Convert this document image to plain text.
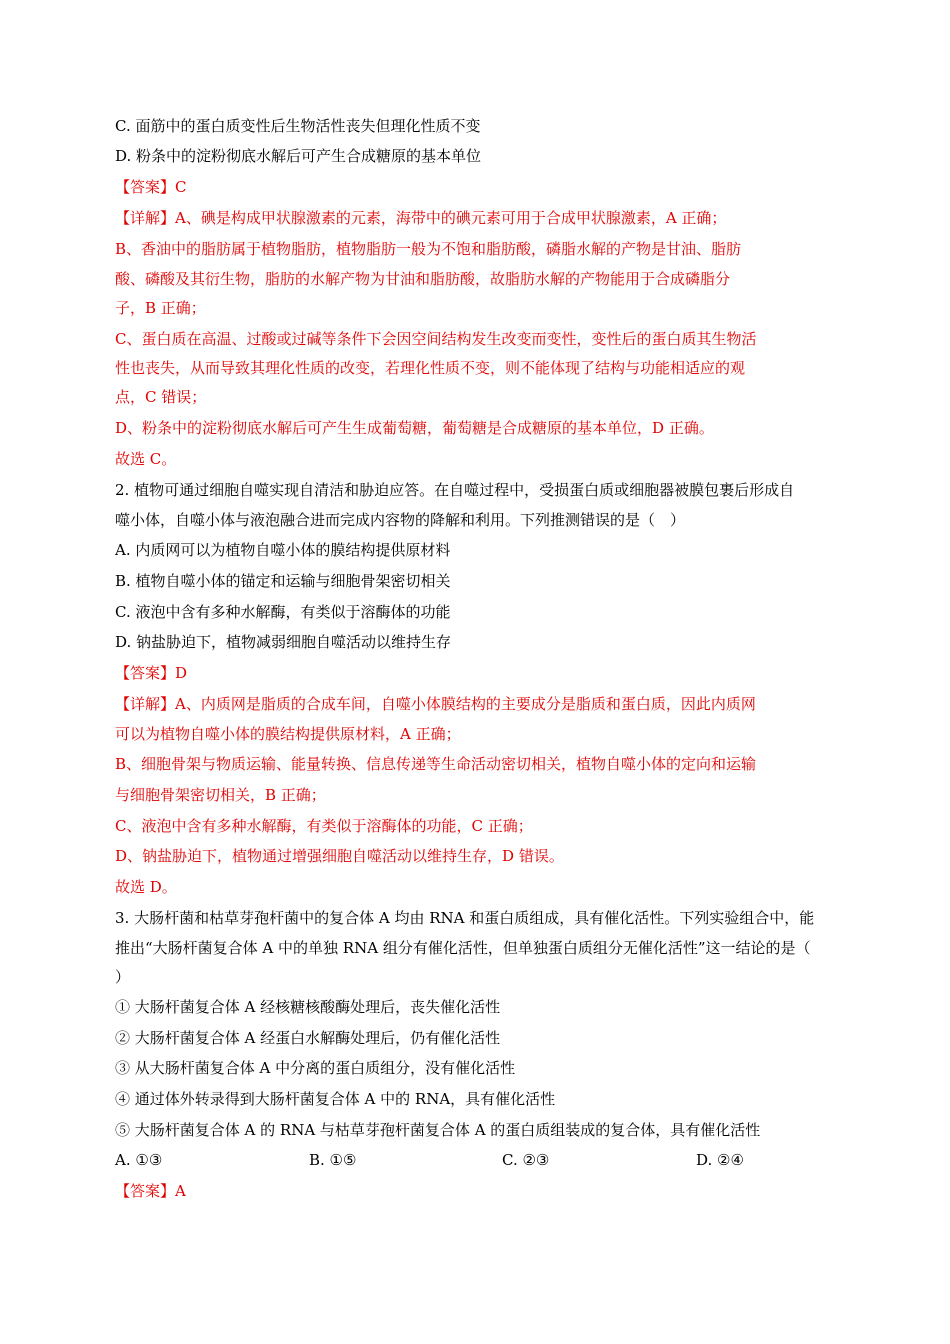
C. 面筋中的蛋白质变性后生物活性丧失但理化性质不变
D. 粉条中的淀粉彻底水解后可产生合成糖原的基本单位
【答案】C
【详解】A、碘是构成甲状腺激素的元素，海带中的碘元素可用于合成甲状腺激素，A 正确；
B、香油中的脂肪属于植物脂肪，植物脂肪一般为不饱和脂肪酸，磷脂水解的产物是甘油、脂肪
酸、磷酸及其衍生物，脂肪的水解产物为甘油和脂肪酸，故脂肪水解的产物能用于合成磷脂分
子，B 正确；
C、蛋白质在高温、过酸或过碱等条件下会因空间结构发生改变而变性，变性后的蛋白质其生物活
性也丧失，从而导致其理化性质的改变，若理化性质不变，则不能体现了结构与功能相适应的观
点，C 错误；
D、粉条中的淀粉彻底水解后可产生生成葡萄糖，葡萄糖是合成糖原的基本单位，D 正确。
故选 C。
2. 植物可通过细胞自噬实现自清洁和胁迫应答。在自噬过程中，受损蛋白质或细胞器被膜包裹后形成自
噬小体，自噬小体与液泡融合进而完成内容物的降解和利用。下列推测错误的是（　）
A. 内质网可以为植物自噬小体的膜结构提供原材料
B. 植物自噬小体的锚定和运输与细胞骨架密切相关
C. 液泡中含有多种水解酶，有类似于溶酶体的功能
D. 钠盐胁迫下，植物减弱细胞自噬活动以维持生存
【答案】D
【详解】A、内质网是脂质的合成车间，自噬小体膜结构的主要成分是脂质和蛋白质，因此内质网
可以为植物自噬小体的膜结构提供原材料，A 正确；
B、细胞骨架与物质运输、能量转换、信息传递等生命活动密切相关，植物自噬小体的定向和运输
与细胞骨架密切相关，B 正确；
C、液泡中含有多种水解酶，有类似于溶酶体的功能，C 正确；
D、钠盐胁迫下，植物通过增强细胞自噬活动以维持生存，D 错误。
故选 D。
3. 大肠杆菌和枯草芽孢杆菌中的复合体 A 均由 RNA 和蛋白质组成，具有催化活性。下列实验组合中，能
推出“大肠杆菌复合体 A 中的单独 RNA 组分有催化活性，但单独蛋白质组分无催化活性”这一结论的是（
）
① 大肠杆菌复合体 A 经核糖核酸酶处理后，丧失催化活性
② 大肠杆菌复合体 A 经蛋白水解酶处理后，仍有催化活性
③ 从大肠杆菌复合体 A 中分离的蛋白质组分，没有催化活性
④ 通过体外转录得到大肠杆菌复合体 A 中的 RNA，具有催化活性
⑤ 大肠杆菌复合体 A 的 RNA 与枯草芽孢杆菌复合体 A 的蛋白质组装成的复合体，具有催化活性
A. ①③	B. ①⑤	C. ②③	D. ②④
【答案】A
